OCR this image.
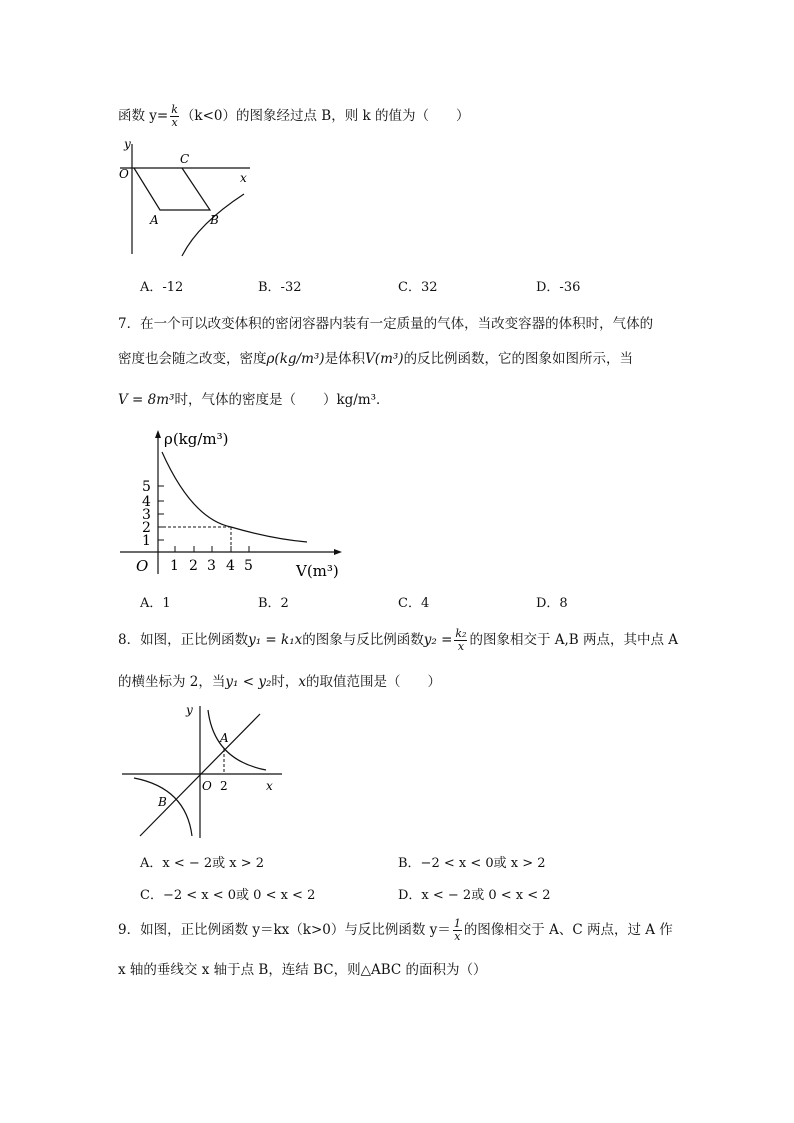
函数 $y= \frac{k}{x} (k<0)$的图象经过点 B，则 k 的值为（　　）
y
x
O
C
A	B
A．-12	B．-32	C．32	D．-36
7．在一个可以改变体积的密闭容器内装有一定质量的气体，当改变容器的体积时，气体的
密度也会随之改变，密度ρ(kg/m³)是体积V(m³)的反比例函数，它的图象如图所示，当
V = 8m³时，气体的密度是（　　）kg/m³．
1
2
3
4
5
1 2 3 4 5
O
ρ(kg/m³)
V(m³)
A．1	B．2	C．4	D．8
8．如图，正比例函数y₁ = k₁x的图象与反比例函数$y_2 = \frac{\text{k₂}}{x}$ 的图象相交于 A,B 两点，其中点 A
的横坐标为 2，当y₁ < y₂时，x的取值范围是（　　）
y
x
O 2
A
B
A．x < − 2或 x > 2	B．−2 < x < 0或 x > 2
C．−2 < x < 0或 0 < x < 2	D．x < − 2或 0 < x < 2
9．如图，正比例函数 y＝kx（k>0）与反比例函数 $y= \frac{1}{x}$ 的图像相交于 A、C 两点，过 A 作
x 轴的垂线交 x 轴于点 B，连结 BC，则△ABC 的面积为（）
